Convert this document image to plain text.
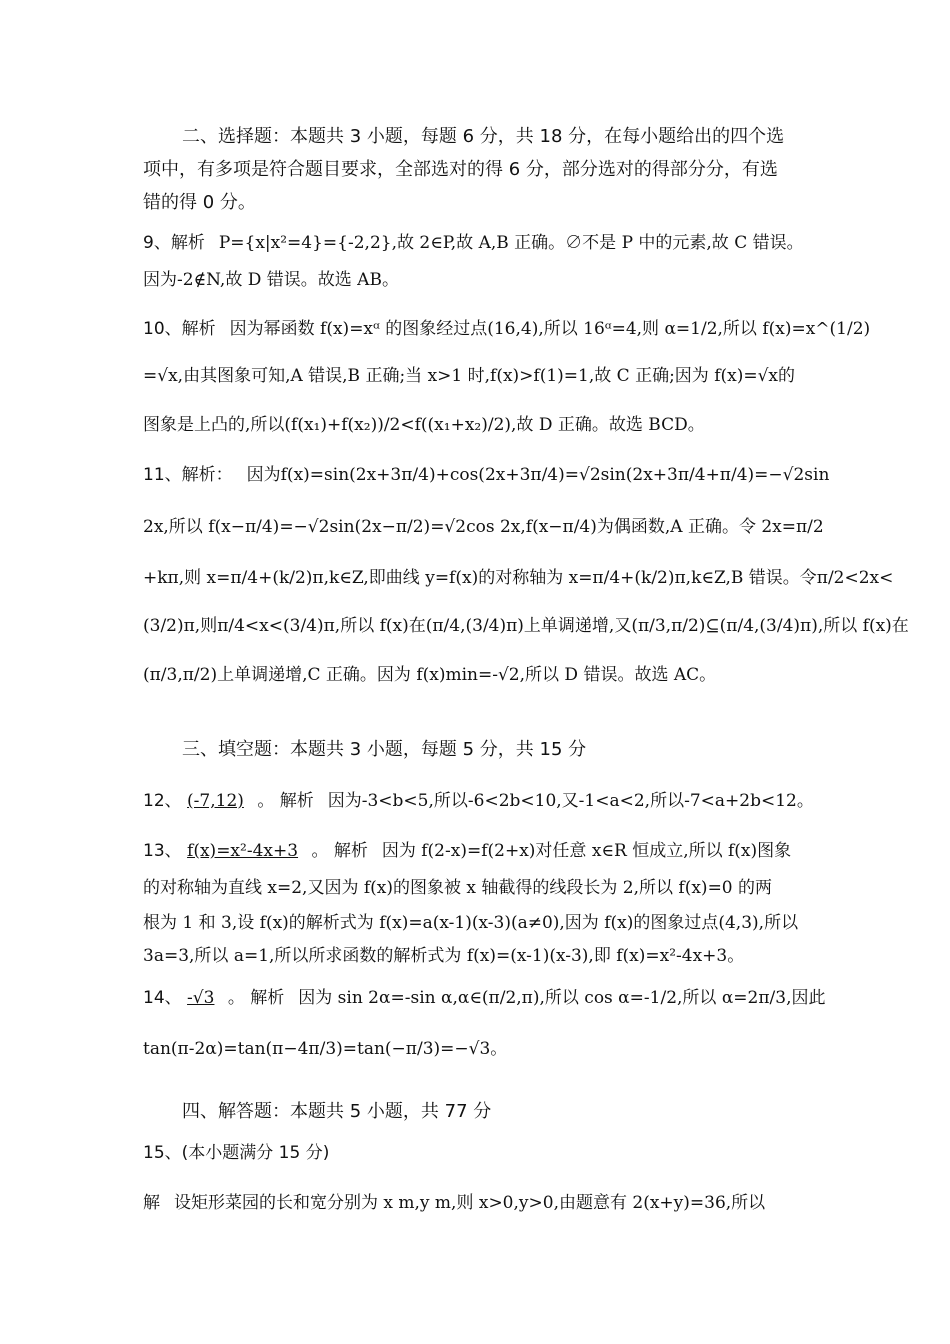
二、选择题：本题共 3 小题，每题 6 分，共 18 分，在每小题给出的四个选
项中，有多项是符合题目要求，全部选对的得 6 分，部分选对的得部分分，有选
错的得 0 分。
9、解析 P={x|x²=4}={-2,2},故 2∈P,故 A,B 正确。∅不是 P 中的元素,故 C 错误。
因为-2∉N,故 D 错误。故选 AB。
10、解析 因为幂函数 f(x)=xᵅ 的图象经过点(16,4),所以 16ᵅ=4,则 α=1/2,所以 f(x)=x^(1/2)
=√x,由其图象可知,A 错误,B 正确;当 x>1 时,f(x)>f(1)=1,故 C 正确;因为 f(x)=√x的
图象是上凸的,所以(f(x₁)+f(x₂))/2<f((x₁+x₂)/2),故 D 正确。故选 BCD。
11、解析： 因为f(x)=sin(2x+3π/4)+cos(2x+3π/4)=√2sin(2x+3π/4+π/4)=−√2sin
2x,所以 f(x−π/4)=−√2sin(2x−π/2)=√2cos 2x,f(x−π/4)为偶函数,A 正确。令 2x=π/2
+kπ,则 x=π/4+(k/2)π,k∈Z,即曲线 y=f(x)的对称轴为 x=π/4+(k/2)π,k∈Z,B 错误。令π/2<2x<
(3/2)π,则π/4<x<(3/4)π,所以 f(x)在(π/4,(3/4)π)上单调递增,又(π/3,π/2)⊆(π/4,(3/4)π),所以 f(x)在
(π/3,π/2)上单调递增,C 正确。因为 f(x)min=-√2,所以 D 错误。故选 AC。
三、填空题：本题共 3 小题，每题 5 分，共 15 分
12、 (-7,12) 。 解析 因为-3<b<5,所以-6<2b<10,又-1<a<2,所以-7<a+2b<12。
13、 f(x)=x²-4x+3 。 解析 因为 f(2-x)=f(2+x)对任意 x∈R 恒成立,所以 f(x)图象
的对称轴为直线 x=2,又因为 f(x)的图象被 x 轴截得的线段长为 2,所以 f(x)=0 的两
根为 1 和 3,设 f(x)的解析式为 f(x)=a(x-1)(x-3)(a≠0),因为 f(x)的图象过点(4,3),所以
3a=3,所以 a=1,所以所求函数的解析式为 f(x)=(x-1)(x-3),即 f(x)=x²-4x+3。
14、 -√3 。 解析 因为 sin 2α=-sin α,α∈(π/2,π),所以 cos α=-1/2,所以 α=2π/3,因此
tan(π-2α)=tan(π−4π/3)=tan(−π/3)=−√3。
四、解答题：本题共 5 小题，共 77 分
15、(本小题满分 15 分)
解 设矩形菜园的长和宽分别为 x m,y m,则 x>0,y>0,由题意有 2(x+y)=36,所以
